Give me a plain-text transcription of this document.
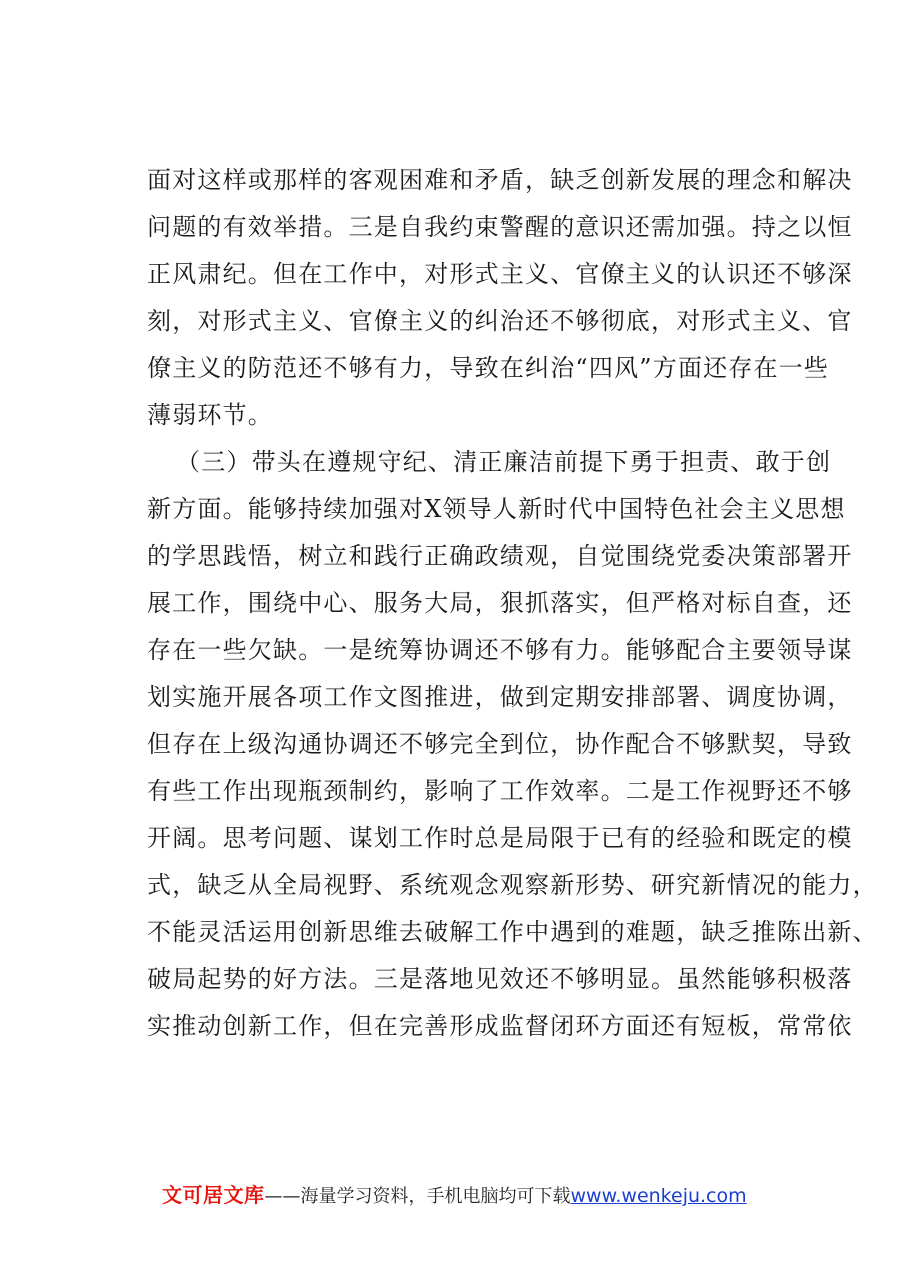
面对这样或那样的客观困难和矛盾，缺乏创新发展的理念和解决
问题的有效举措。三是自我约束警醒的意识还需加强。持之以恒
正风肃纪。但在工作中，对形式主义、官僚主义的认识还不够深
刻，对形式主义、官僚主义的纠治还不够彻底，对形式主义、官
僚主义的防范还不够有力，导致在纠治“四风”方面还存在一些
薄弱环节。
（三）带头在遵规守纪、清正廉洁前提下勇于担责、敢于创
新方面。能够持续加强对X领导人新时代中国特色社会主义思想
的学思践悟，树立和践行正确政绩观，自觉围绕党委决策部署开
展工作，围绕中心、服务大局，狠抓落实，但严格对标自查，还
存在一些欠缺。一是统筹协调还不够有力。能够配合主要领导谋
划实施开展各项工作文图推进，做到定期安排部署、调度协调，
但存在上级沟通协调还不够完全到位，协作配合不够默契，导致
有些工作出现瓶颈制约，影响了工作效率。二是工作视野还不够
开阔。思考问题、谋划工作时总是局限于已有的经验和既定的模
式，缺乏从全局视野、系统观念观察新形势、研究新情况的能力，
不能灵活运用创新思维去破解工作中遇到的难题，缺乏推陈出新、
破局起势的好方法。三是落地见效还不够明显。虽然能够积极落
实推动创新工作，但在完善形成监督闭环方面还有短板，常常依
文可居文库——海量学习资料，手机电脑均可下载www.wenkeju.com
